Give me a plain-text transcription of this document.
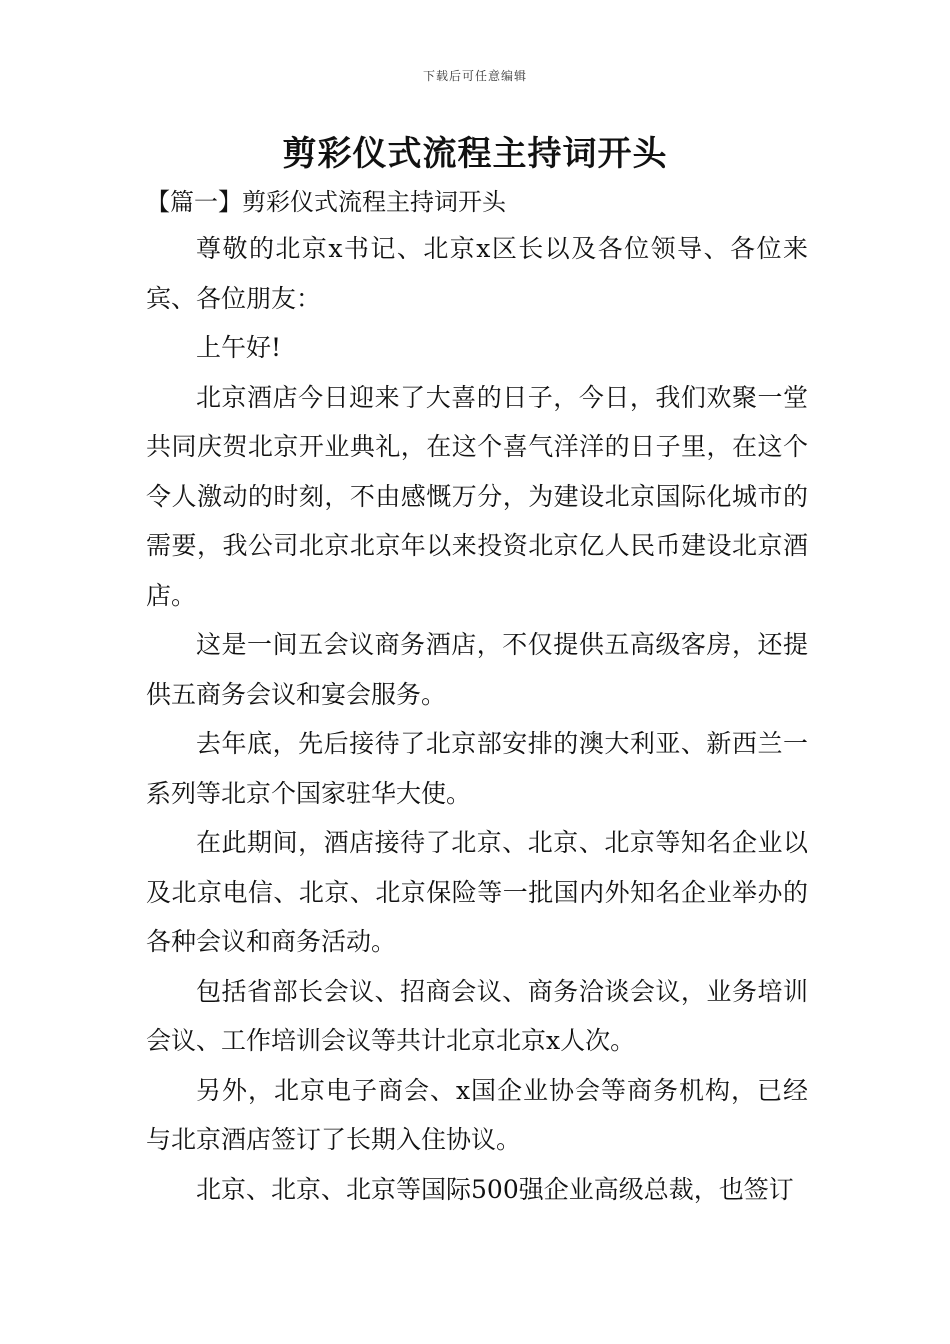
下载后可任意编辑
剪彩仪式流程主持词开头
【篇一】剪彩仪式流程主持词开头

尊敬的北京x书记、北京x区长以及各位领导、各位来宾、各位朋友：

上午好!

北京酒店今日迎来了大喜的日子，今日，我们欢聚一堂共同庆贺北京开业典礼，在这个喜气洋洋的日子里，在这个令人激动的时刻，不由感慨万分，为建设北京国际化城市的需要，我公司北京北京年以来投资北京亿人民币建设北京酒店。

这是一间五会议商务酒店，不仅提供五高级客房，还提供五商务会议和宴会服务。

去年底，先后接待了北京部安排的澳大利亚、新西兰一系列等北京个国家驻华大使。

在此期间，酒店接待了北京、北京、北京等知名企业以及北京电信、北京、北京保险等一批国内外知名企业举办的各种会议和商务活动。

包括省部长会议、招商会议、商务洽谈会议，业务培训会议、工作培训会议等共计北京北京x人次。

另外，北京电子商会、x国企业协会等商务机构，已经与北京酒店签订了长期入住协议。

北京、北京、北京等国际500强企业高级总裁，也签订
